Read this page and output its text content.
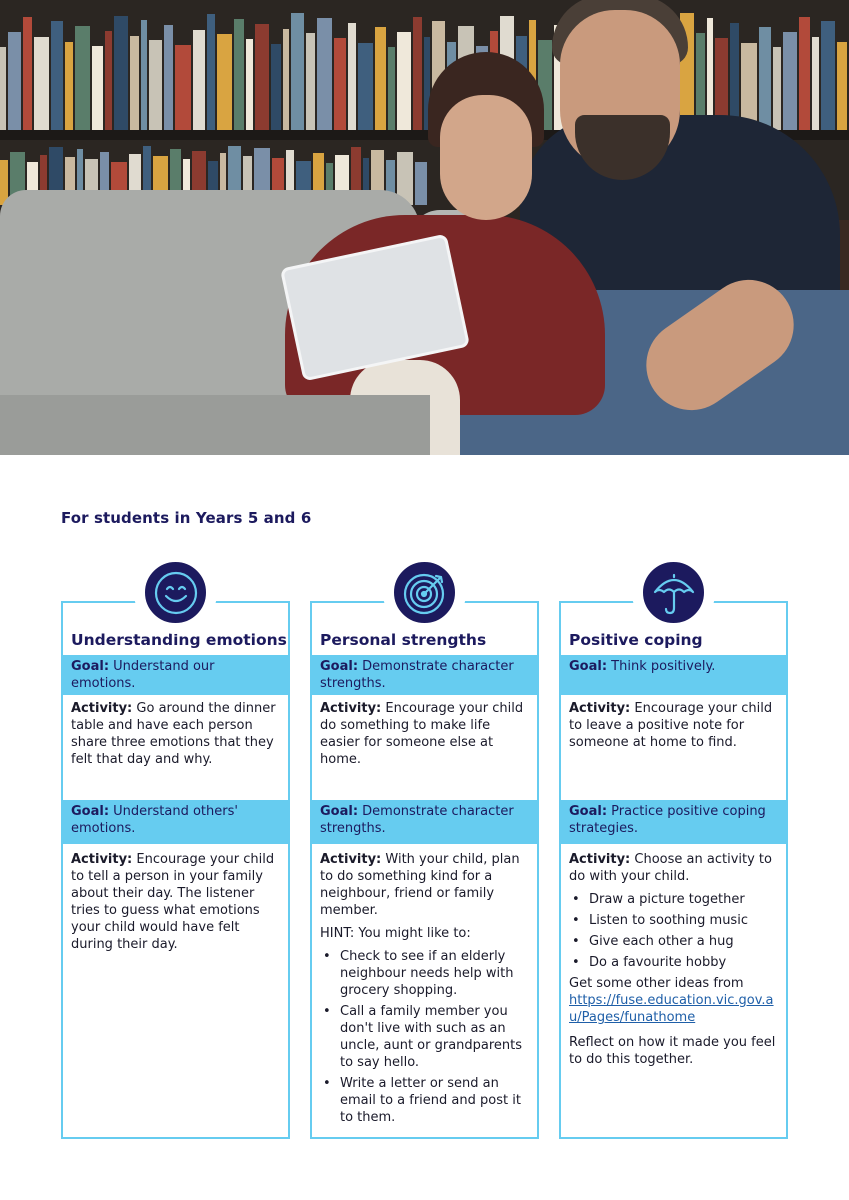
For students in Years 5 and 6
Understanding emotions
Goal: Understand our emotions.
Activity: Go around the dinner table and have each person share three emotions that they felt that day and why.
Goal: Understand others' emotions.
Activity: Encourage your child to tell a person in your family about their day. The listener tries to guess what emotions your child would have felt during their day.
Personal strengths
Goal: Demonstrate character strengths.
Activity: Encourage your child do something to make life easier for someone else at home.
Goal: Demonstrate character strengths.
Activity: With your child, plan to do something kind for a neighbour, friend or family member.
HINT: You might like to:
• Check to see if an elderly neighbour needs help with grocery shopping.
• Call a family member you don't live with such as an uncle, aunt or grandparents to say hello.
• Write a letter or send an email to a friend and post it to them.
Positive coping
Goal: Think positively.
Activity: Encourage your child to leave a positive note for someone at home to find.
Goal: Practice positive coping strategies.
Activity: Choose an activity to do with your child.
• Draw a picture together
• Listen to soothing music
• Give each other a hug
• Do a favourite hobby
Get some other ideas from
https://fuse.education.vic.gov.au/Pages/funathome
Reflect on how it made you feel to do this together.
